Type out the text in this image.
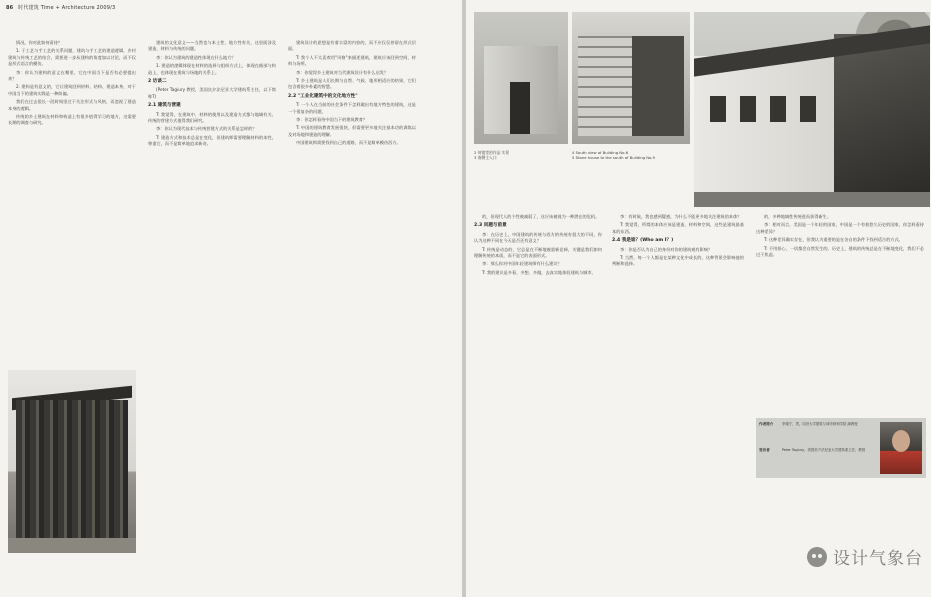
86 时代建筑 Time + Architecture 2009/3

情况，你对此如何看待？

1. 于工艺与手工艺的关系问题，建筑与手工艺的建造逻辑，乡村建筑与传统工艺的结合，需要进一步从建构的角度加以讨论，而不仅是形式语言的模仿。

李：你认为建构的意义在哪里，它在中国当下是否有必要提出来？

2. 建构是有意义的，它让建筑回到材料、结构、建造本身，对于中国当下的建筑实践是一种纠偏。

我们在过去很长一段时间里过于关注形式与风格，而忽视了建造本身的逻辑。

传统的乡土建筑在材料和构造上有很多值得学习的地方，这需要长期的调查与研究。

建筑的文化意义——当然也与本土性、地方性有关，这里面涉及建造、材料与传统的问题。

李：你认为建筑的建造性体现在什么地方？

1. 建造的逻辑体现在材料的选择与组织方式上，体现在细部与构造上，也体现在建筑与场地的关系上。

2 访谈二

(Peter Tagiury 教授，美国宾夕法尼亚大学建筑系主任，以下简称T)

2.1 建筑与营建

T: 我觉得，在建筑中，材料的使用以及建造方式都与地域有关，传统的营建方式值得我们研究。

李：你认为现代技术与传统营建方式的关系是怎样的？

T: 建造方式和技术总是在变化，但建筑师需要理解材料的本性，尊重它，而不是简单地追求新奇。

建筑设计的思想是有着丰富的内容的，而不应仅仅停留在形式层面。

T: 我个人不太喜欢用"风格"来描述建筑，建筑应该回到空间、材料与场所。

李：你觉得乡土建筑对当代建筑设计有什么启发？

T: 乡土建筑是人们长期与自然、气候、地形相适应的结果，它们包含着很多朴素的智慧。

2.2 "工业化建筑中的文化地方性"

T: 一个人在当前的社会条件下怎样做出有地方特色的建筑，这是一个很复杂的问题。

李：你怎样看待中国当下的建筑教育？

T: 中国的建筑教育发展很快，但需要更多地关注基本功的训练以及对场地和建造的理解。

中国建筑师需要找到自己的道路，而不是简单模仿西方。

2 何镜堂的作品 实景
3 南侧主入口
4 South view of Building No.6
5 Stone house to the south of Building No.9

的，但现代人的个性被减弱了，这应该被视为一种潜在的危机。

2.3 问题与前景

李：在历史上，中国建筑的传统与西方的传统有很大的不同，你认为这种不同在今天是否还有意义？

T: 传统是动态的，它总是在不断地被重新诠释，关键是我们如何理解传统的本质，而不是它的表面形式。

李：那么你对中国年轻建筑师有什么建议？

T: 我的建议是多看、多想、多做，去真实地体验建筑与城市。

李：有时候，我也感到疑惑，为什么不能更多地关注建筑的本体？

T: 我觉得，所谓的本体应该是建造、材料和空间，这些是建筑最基本的东西。

2.4 我是谁？(Who am I？)

李：你是否认为自己的身份对你的建筑观有影响？

T: 当然，每一个人都是在某种文化中成长的，这种背景会影响他的判断和选择。

的，多种地域性传统进而获得新生。

李：相对而言，美国是一个年轻的国家，中国是一个有着悠久历史的国家，你怎样看待这种差异？

T: 这种差异确实存在，但我认为重要的是在各自的条件下找到适合的方式。

T: 不用担心，一切都会自然发生的。历史上，建筑的传统总是在不断地变化，我们不必过于焦虑。

作者简介	李翔宁，男，同济大学建筑与城市规划学院 副教授
受访者	Peter Tagiury，美国宾夕法尼亚大学建筑系主任、教授
设计气象台
